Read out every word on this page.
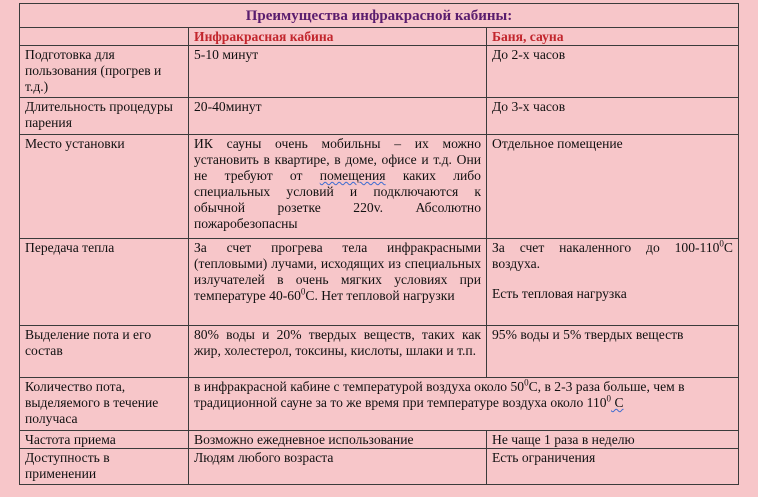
Преимущества инфракрасной кабины:		
	Инфракрасная кабина	Баня, сауна
Подготовка для пользования (прогрев и т.д.)	5-10 минут	До 2-х часов
Длительность процедуры парения	20-40минут	До 3-х часов
Место установки	ИК сауны очень мобильны – их можно установить в квартире, в доме, офисе и т.д. Они не требуют от помещения каких либо специальных условий и подключаются к обычной розетке 220v. Абсолютно пожаробезопасны	Отдельное помещение
Передача тепла	За счет прогрева тела инфракрасными (тепловыми) лучами, исходящих из специальных излучателей в очень мягких условиях при температуре $40-60^0С$. Нет тепловой нагрузки	За счет накаленного до $100-110^0С$ воздуха.
Есть тепловая нагрузка

Выделение пота и его состав	80% воды и 20% твердых веществ, таких как жир, холестерол, токсины, кислоты, шлаки и т.п.	95% воды и 5% твердых веществ
Количество пота, выделяемого в течение получаса	в инфракрасной кабине с температурой воздуха около $50^0С$, в 2-3 раза больше, чем в традиционной сауне за то же время при температуре воздуха около $110^0$ С	
Частота приема	Возможно ежедневное использование	Не чаще 1 раза в неделю
Доступность в применении	Людям любого возраста	Есть ограничения
